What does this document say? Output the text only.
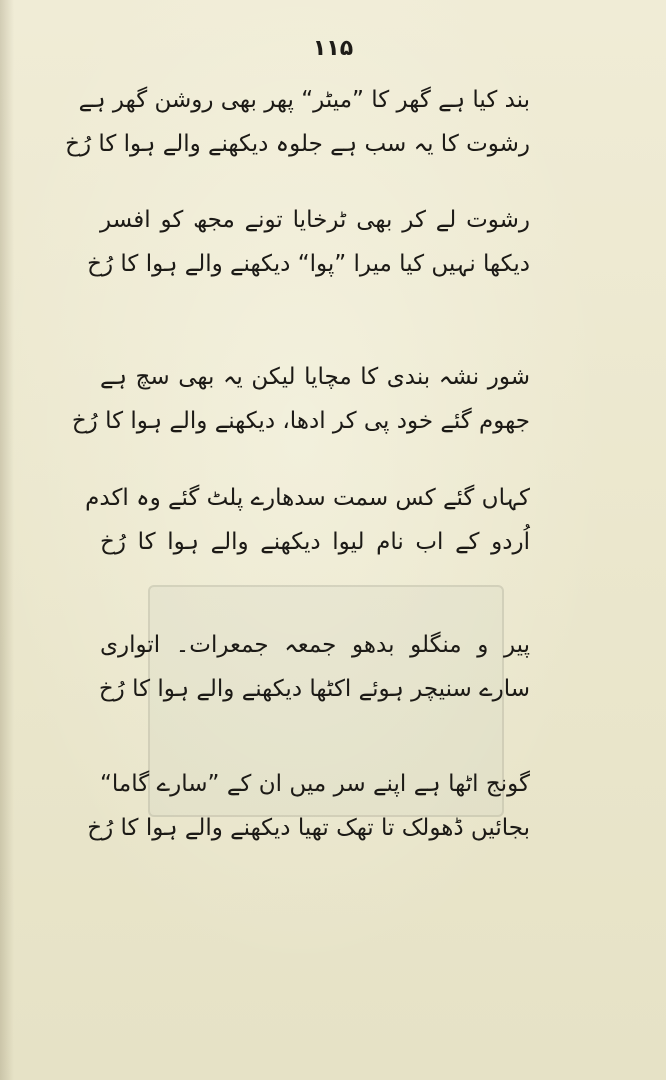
۱۱۵
بند کیا ہے گھر کا ”میٹر“ پھر بھی روشن گھر ہے
رشوت کا یہ سب ہے جلوہ دیکھنے والے ہوا کا رُخ
رشوت لے کر بھی ٹرخایا تونے مجھ کو افسر
دیکھا نہیں کیا میرا ”پوا“ دیکھنے والے ہوا کا رُخ
شور نشہ بندی کا مچایا لیکن یہ بھی سچ ہے
جھوم گئے خود پی کر ادھا، دیکھنے والے ہوا کا رُخ
کہاں گئے کس سمت سدھارے پلٹ گئے وہ اکدم
اُردو کے اب نام لیوا دیکھنے والے ہوا کا رُخ
پیر و منگلو بدھو جمعہ جمعرات۔ اتواری
سارے سنیچر ہوئے اکٹھا دیکھنے والے ہوا کا رُخ
گونج اٹھا ہے اپنے سر میں ان کے ”سارے گاما“
بجائیں ڈھولک تا تھک تھیا دیکھنے والے ہوا کا رُخ
